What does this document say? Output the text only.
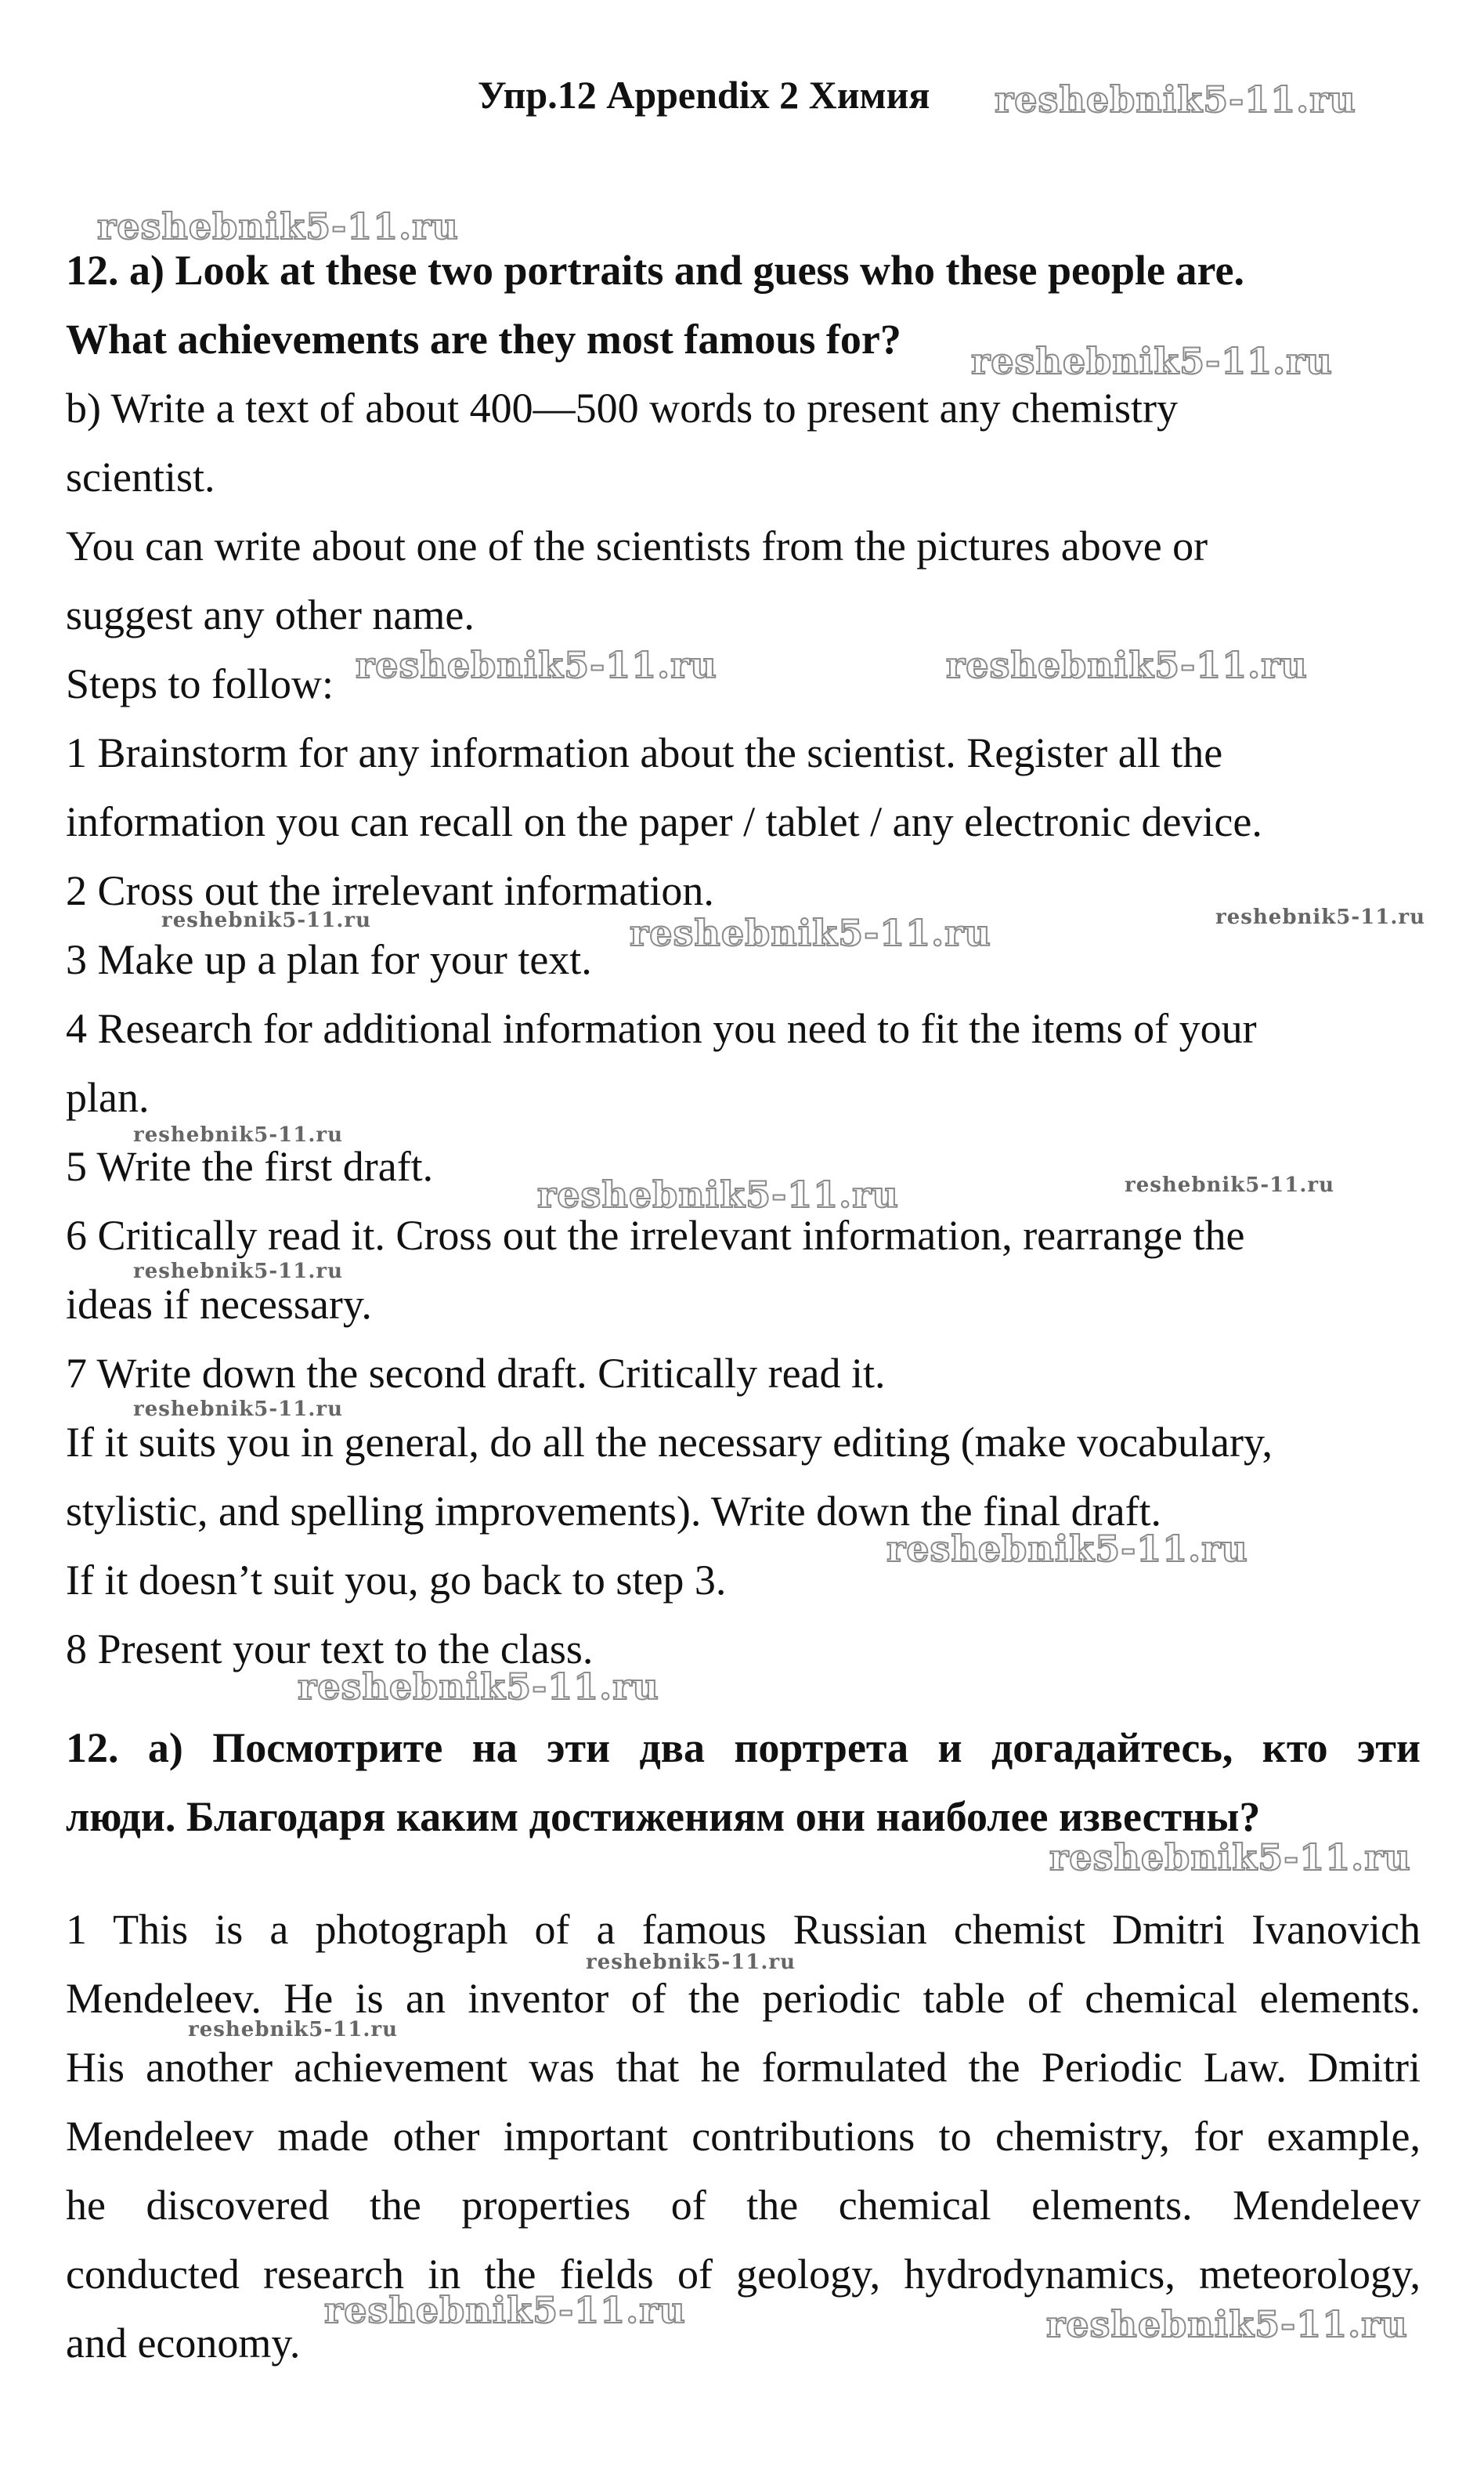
Упр.12 Appendix 2 Химия
12. a) Look at these two portraits and guess who these people are.
What achievements are they most famous for?
b) Write a text of about 400—500 words to present any chemistry
scientist.
You can write about one of the scientists from the pictures above or
suggest any other name.
Steps to follow:
1 Brainstorm for any information about the scientist. Register all the
information you can recall on the paper / tablet / any electronic device.
2 Cross out the irrelevant information.
3 Make up a plan for your text.
4 Research for additional information you need to fit the items of your
plan.
5 Write the first draft.
6 Critically read it. Cross out the irrelevant information, rearrange the
ideas if necessary.
7 Write down the second draft. Critically read it.
If it suits you in general, do all the necessary editing (make vocabulary,
stylistic, and spelling improvements). Write down the final draft.
If it doesn’t suit you, go back to step 3.
8 Present your text to the class.
12. а) Посмотрите на эти два портрета и догадайтесь, кто эти
люди. Благодаря каким достижениям они наиболее известны?
1 This is a photograph of a famous Russian chemist Dmitri Ivanovich
Mendeleev. He is an inventor of the periodic table of chemical elements.
His another achievement was that he formulated the Periodic Law. Dmitri
Mendeleev made other important contributions to chemistry, for example,
he discovered the properties of the chemical elements. Mendeleev
conducted research in the fields of geology, hydrodynamics, meteorology,
and economy.
reshebnik5-11.ru
reshebnik5-11.ru
reshebnik5-11.ru
reshebnik5-11.ru	reshebnik5-11.ru
reshebnik5-11.ru	reshebnik5-11.ru	reshebnik5-11.ru
reshebnik5-11.ru
reshebnik5-11.ru	reshebnik5-11.ru
reshebnik5-11.ru
reshebnik5-11.ru
reshebnik5-11.ru
reshebnik5-11.ru
reshebnik5-11.ru
reshebnik5-11.ru
reshebnik5-11.ru
reshebnik5-11.ru	reshebnik5-11.ru
